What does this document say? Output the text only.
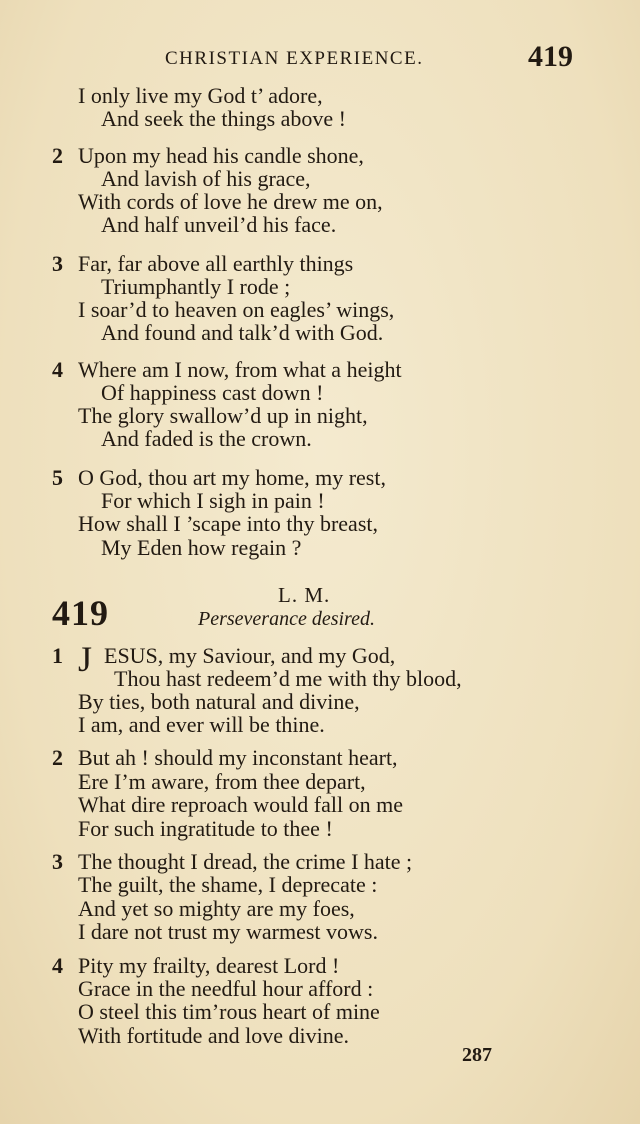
CHRISTIAN EXPERIENCE.	419
I only live my God t’ adore,
And seek the things above !
2 Upon my head his candle shone,
And lavish of his grace,
With cords of love he drew me on,
And half unveil’d his face.
3 Far, far above all earthly things
Triumphantly I rode ;
I soar’d to heaven on eagles’ wings,
And found and talk’d with God.
4 Where am I now, from what a height
Of happiness cast down !
The glory swallow’d up in night,
And faded is the crown.
5 O God, thou art my home, my rest,
For which I sigh in pain !
How shall I ’scape into thy breast,
My Eden how regain ?
419	L. M.
Perseverance desired.
1 J ESUS, my Saviour, and my God,
Thou hast redeem’d me with thy blood,
By ties, both natural and divine,
I am, and ever will be thine.
2 But ah ! should my inconstant heart,
Ere I’m aware, from thee depart,
What dire reproach would fall on me
For such ingratitude to thee !
3 The thought I dread, the crime I hate ;
The guilt, the shame, I deprecate :
And yet so mighty are my foes,
I dare not trust my warmest vows.
4 Pity my frailty, dearest Lord !
Grace in the needful hour afford :
O steel this tim’rous heart of mine
With fortitude and love divine.
287
